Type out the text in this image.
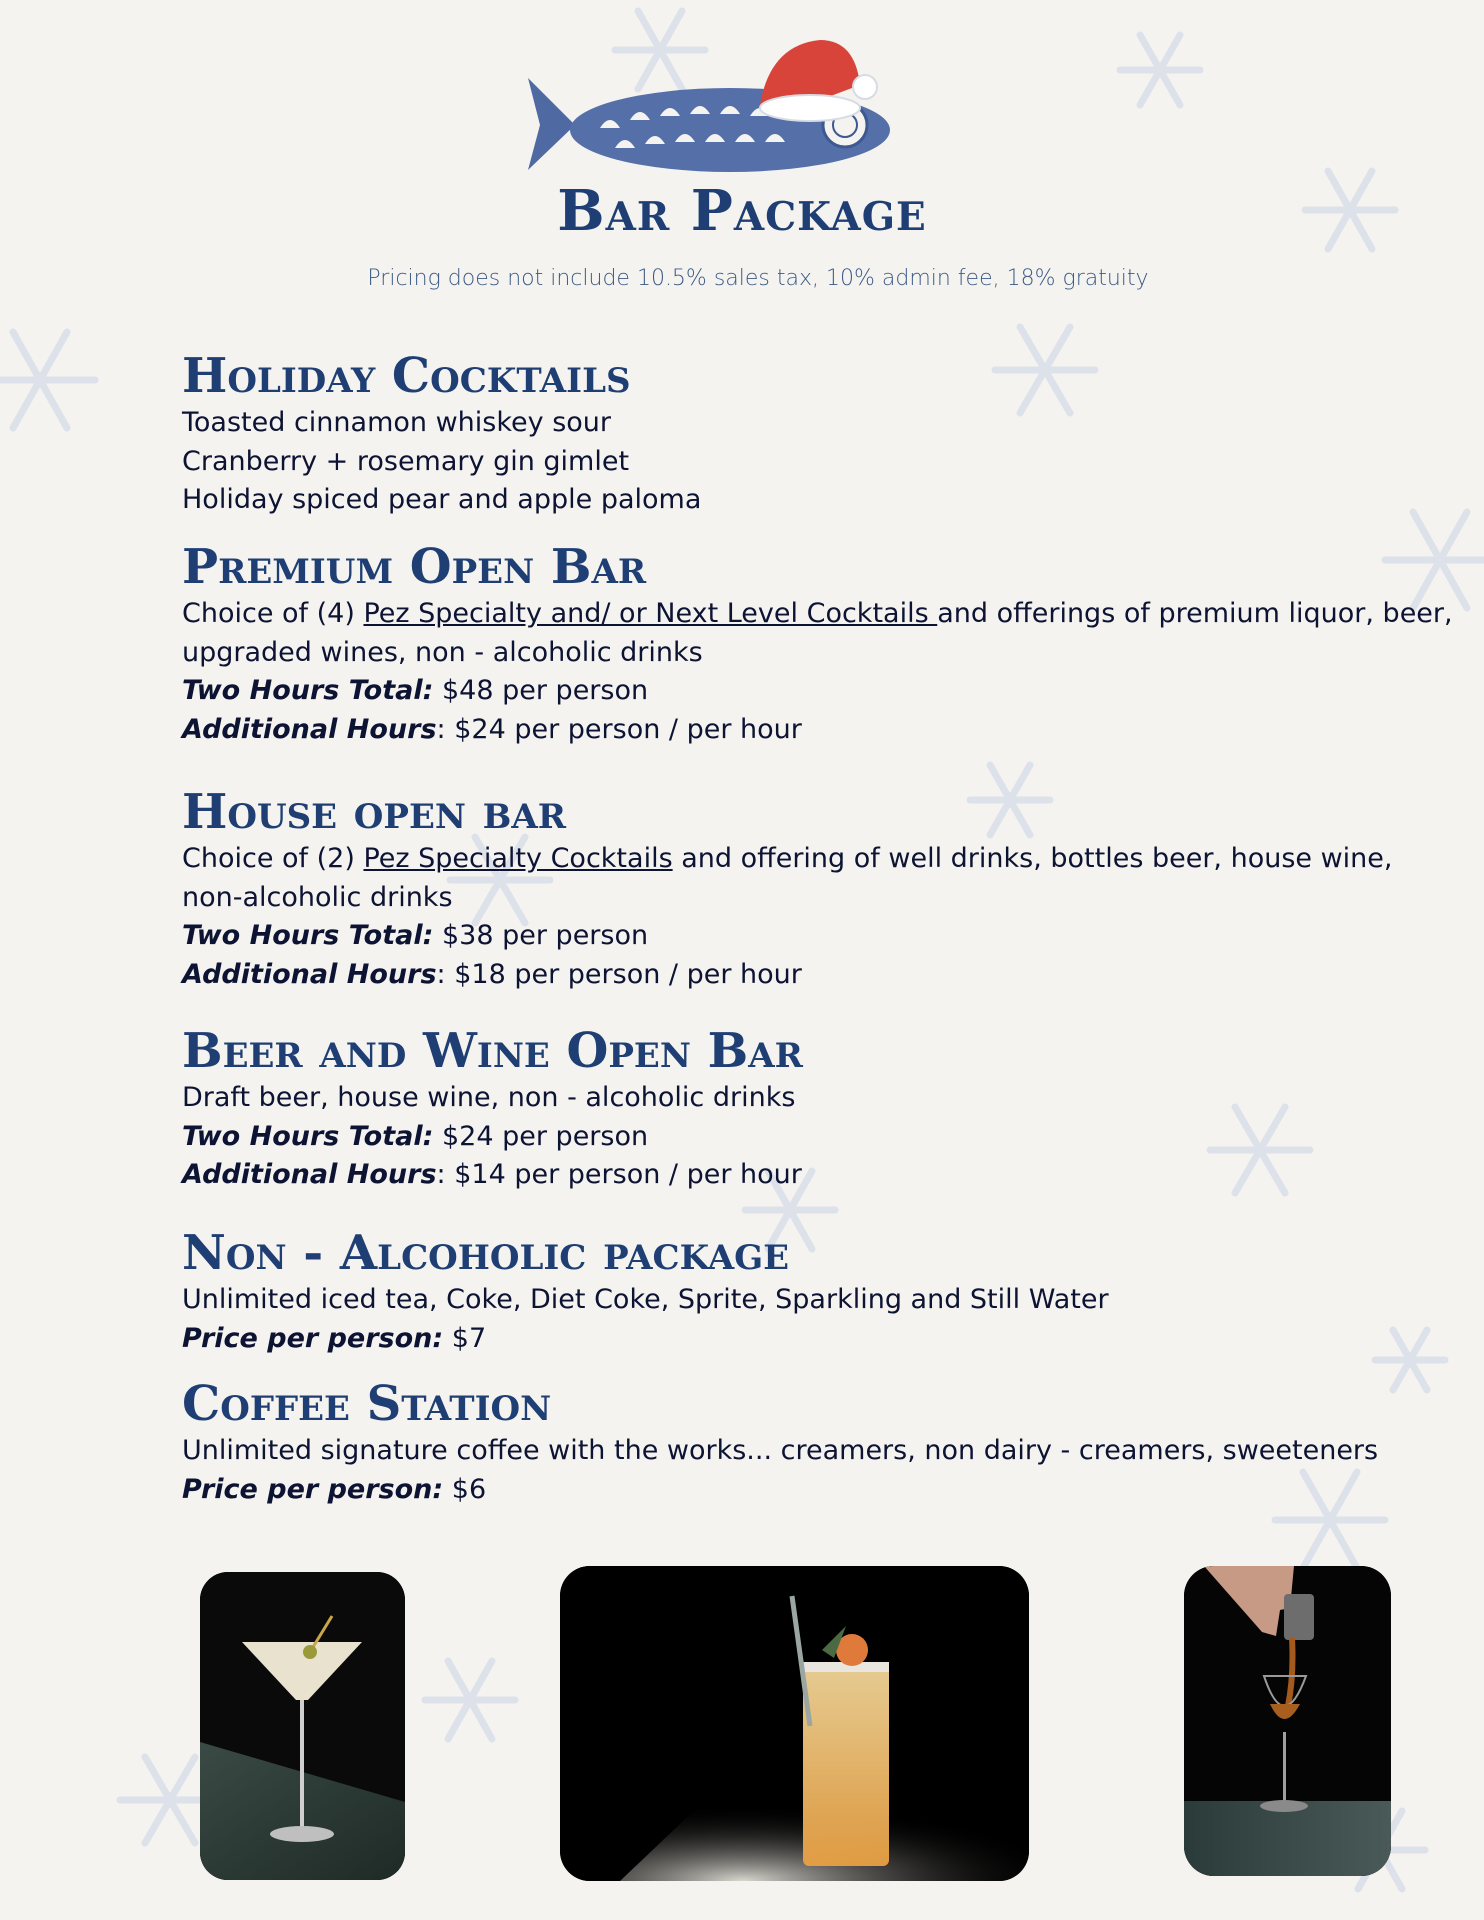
Bar Package
Pricing does not include 10.5% sales tax, 10% admin fee, 18% gratuity
Holiday Cocktails
Toasted cinnamon whiskey sour
Cranberry + rosemary gin gimlet
Holiday spiced pear and apple paloma
Premium Open Bar
Choice of (4) Pez Specialty and/ or Next Level Cocktails and offerings of premium liquor, beer,
upgraded wines, non - alcoholic drinks
Two Hours Total: $48 per person
Additional Hours: $24 per person / per hour
House open bar
Choice of (2) Pez Specialty Cocktails and offering of well drinks, bottles beer, house wine,
non-alcoholic drinks
Two Hours Total: $38 per person
Additional Hours: $18 per person / per hour
Beer and Wine Open Bar
Draft beer, house wine, non - alcoholic drinks
Two Hours Total: $24 per person
Additional Hours: $14 per person / per hour
Non - Alcoholic package
Unlimited iced tea, Coke, Diet Coke, Sprite, Sparkling and Still Water
Price per person: $7
Coffee Station
Unlimited signature coffee with the works... creamers, non dairy - creamers, sweeteners
Price per person: $6
